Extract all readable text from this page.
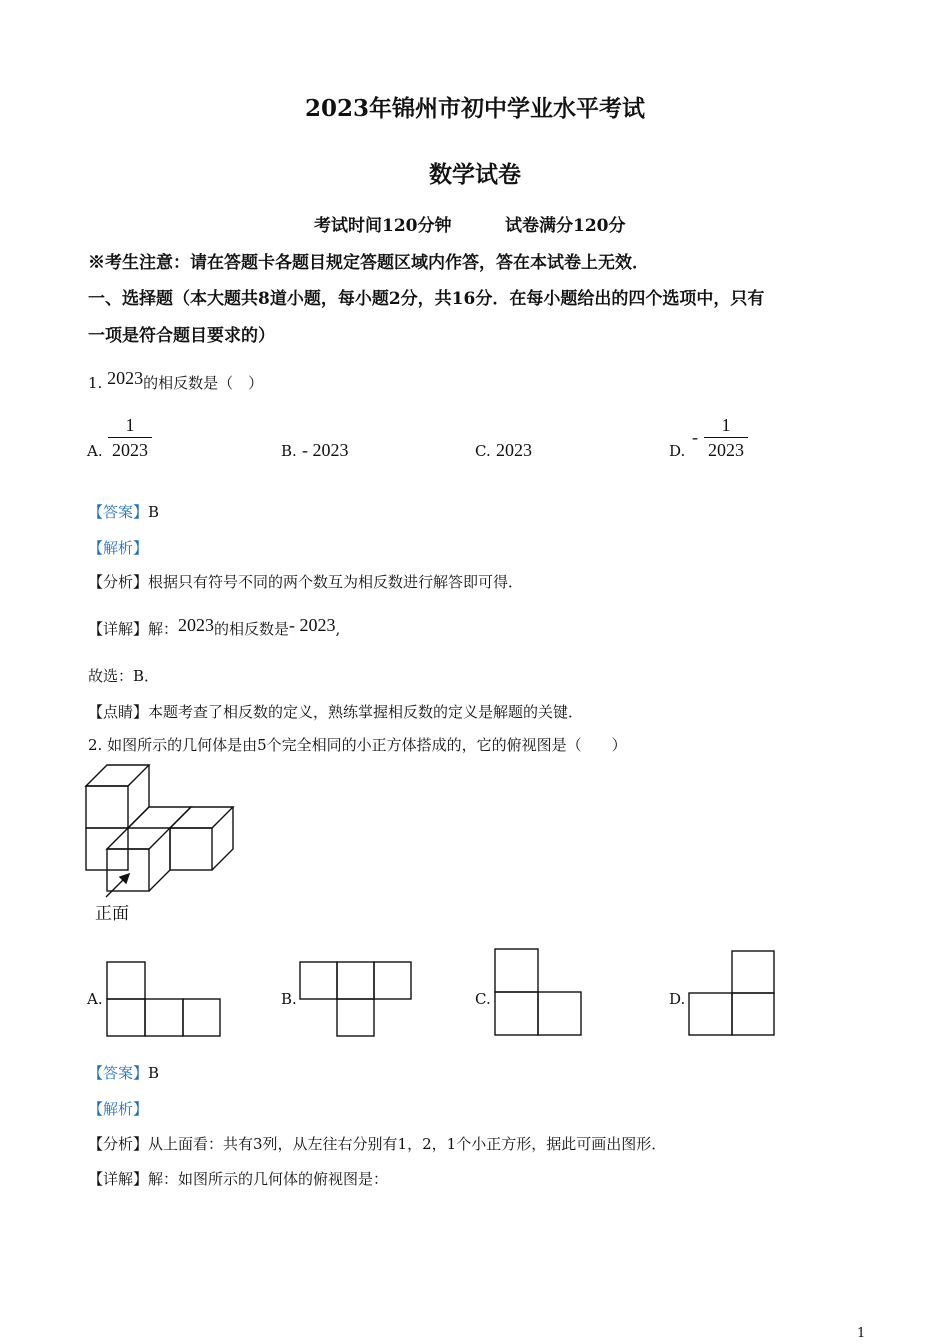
2023年锦州市初中学业水平考试
数学试卷
考试时间120分钟	试卷满分120分
※考生注意：请在答题卡各题目规定答题区域内作答，答在本试卷上无效．
一、选择题（本大题共8道小题，每小题2分，共16分．在每小题给出的四个选项中，只有
一项是符合题目要求的）
1. 2023的相反数是（　）
A.
1
2023	B. - 2023	C. 2023	D.
-
1
2023
【答案】B
【解析】
【分析】根据只有符号不同的两个数互为相反数进行解答即可得．
【详解】解：2023的相反数是- 2023,
故选：B．
【点睛】本题考查了相反数的定义，熟练掌握相反数的定义是解题的关键．
2. 如图所示的几何体是由5个完全相同的小正方体搭成的，它的俯视图是（　　）
正面
A.	B.	C.	D.
【答案】B
【解析】
【分析】从上面看：共有3列，从左往右分别有1，2，1个小正方形，据此可画出图形．
【详解】解：如图所示的几何体的俯视图是：
1
